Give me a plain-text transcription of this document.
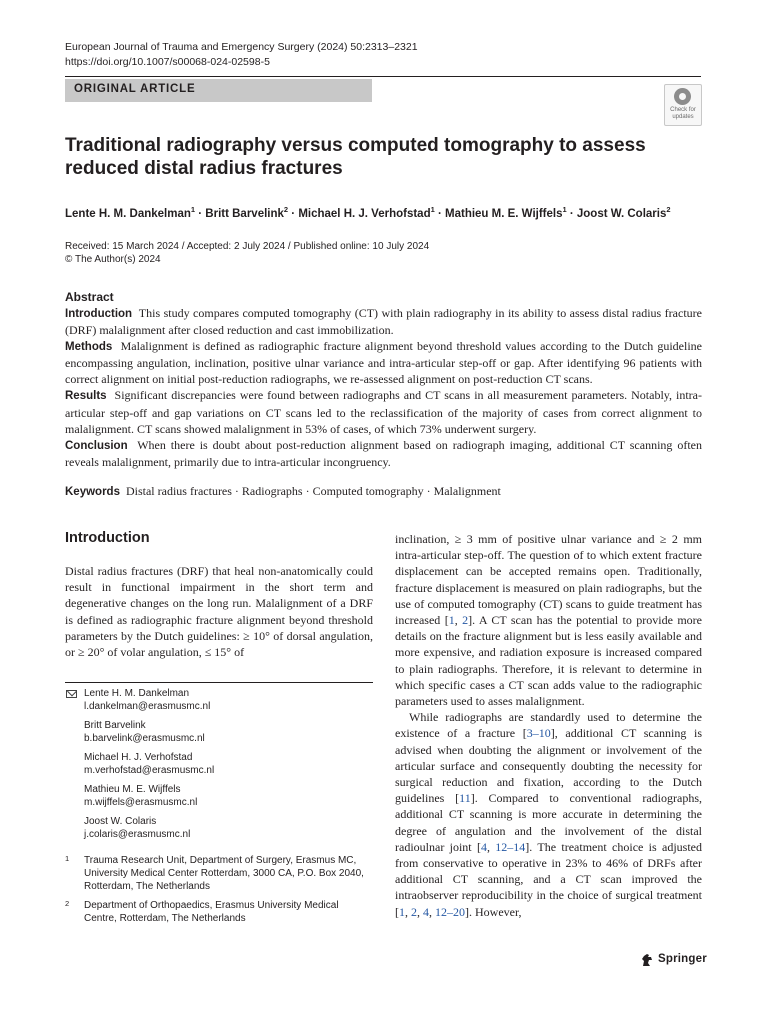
European Journal of Trauma and Emergency Surgery (2024) 50:2313–2321
https://doi.org/10.1007/s00068-024-02598-5
ORIGINAL ARTICLE
Check for updates
Traditional radiography versus computed tomography to assess reduced distal radius fractures
Lente H. M. Dankelman$^1$ · Britt Barvelink$^2$ · Michael H. J. Verhofstad$^1$ · Mathieu M. E. Wijffels$^1$ · Joost W. Colaris$^2$
Received: 15 March 2024 / Accepted: 2 July 2024 / Published online: 10 July 2024
© The Author(s) 2024
Abstract

Introduction This study compares computed tomography (CT) with plain radiography in its ability to assess distal radius fracture (DRF) malalignment after closed reduction and cast immobilization.

Methods Malalignment is defined as radiographic fracture alignment beyond threshold values according to the Dutch guideline encompassing angulation, inclination, positive ulnar variance and intra-articular step-off or gap. After identifying 96 patients with correct alignment on initial post-reduction radiographs, we re-assessed alignment on post-reduction CT scans.

Results Significant discrepancies were found between radiographs and CT scans in all measurement parameters. Notably, intra-articular step-off and gap variations on CT scans led to the reclassification of the majority of cases from correct alignment to malalignment. CT scans showed malalignment in 53% of cases, of which 73% underwent surgery.

Conclusion When there is doubt about post-reduction alignment based on radiograph imaging, additional CT scanning often reveals malalignment, primarily due to intra-articular incongruency.

Keywords Distal radius fractures · Radiographs · Computed tomography · Malalignment
Introduction

Distal radius fractures (DRF) that heal non-anatomically could result in functional impairment in the short term and degenerative changes on the long run. Malalignment of a DRF is defined as radiographic fracture alignment beyond threshold parameters by the Dutch guidelines: ≥ 10° of dorsal angulation, or ≥ 20° of volar angulation, ≤ 15° of

inclination, ≥ 3 mm of positive ulnar variance and ≥ 2 mm intra-articular step-off. The question of to which extent fracture displacement can be accepted remains open. Traditionally, fracture displacement is measured on plain radiographs, but the use of computed tomography (CT) scans to guide treatment has increased [1, 2]. A CT scan has the potential to provide more details on the fracture alignment but is less easily available and more expensive, and radiation exposure is increased compared to plain radiographs. Therefore, it is relevant to determine in which specific cases a CT scan adds value to the radiographic parameters used to asses malalignment.

While radiographs are standardly used to determine the existence of a fracture [3–10], additional CT scanning is advised when doubting the alignment or involvement of the articular surface and consequently doubting the necessity for surgical reduction and fixation, according to the Dutch guidelines [11]. Compared to conventional radiographs, additional CT scanning is more accurate in determining the degree of angulation and the involvement of the distal radioulnar joint [4, 12–14]. The treatment choice is adjusted from conservative to operative in 23% to 46% of DRFs after additional CT scanning, and a CT scan improved the intraobserver reproducibility in the choice of surgical treatment [1, 2, 4, 12–20]. However,

Lente H. M. Dankelman
l.dankelman@erasmusmc.nl
Britt Barvelink
b.barvelink@erasmusmc.nl
Michael H. J. Verhofstad
m.verhofstad@erasmusmc.nl
Mathieu M. E. Wijffels
m.wijffels@erasmusmc.nl
Joost W. Colaris
j.colaris@erasmusmc.nl
1 Trauma Research Unit, Department of Surgery, Erasmus MC, University Medical Center Rotterdam, 3000 CA, P.O. Box 2040, Rotterdam, The Netherlands
2 Department of Orthopaedics, Erasmus University Medical Centre, Rotterdam, The Netherlands
Springer
